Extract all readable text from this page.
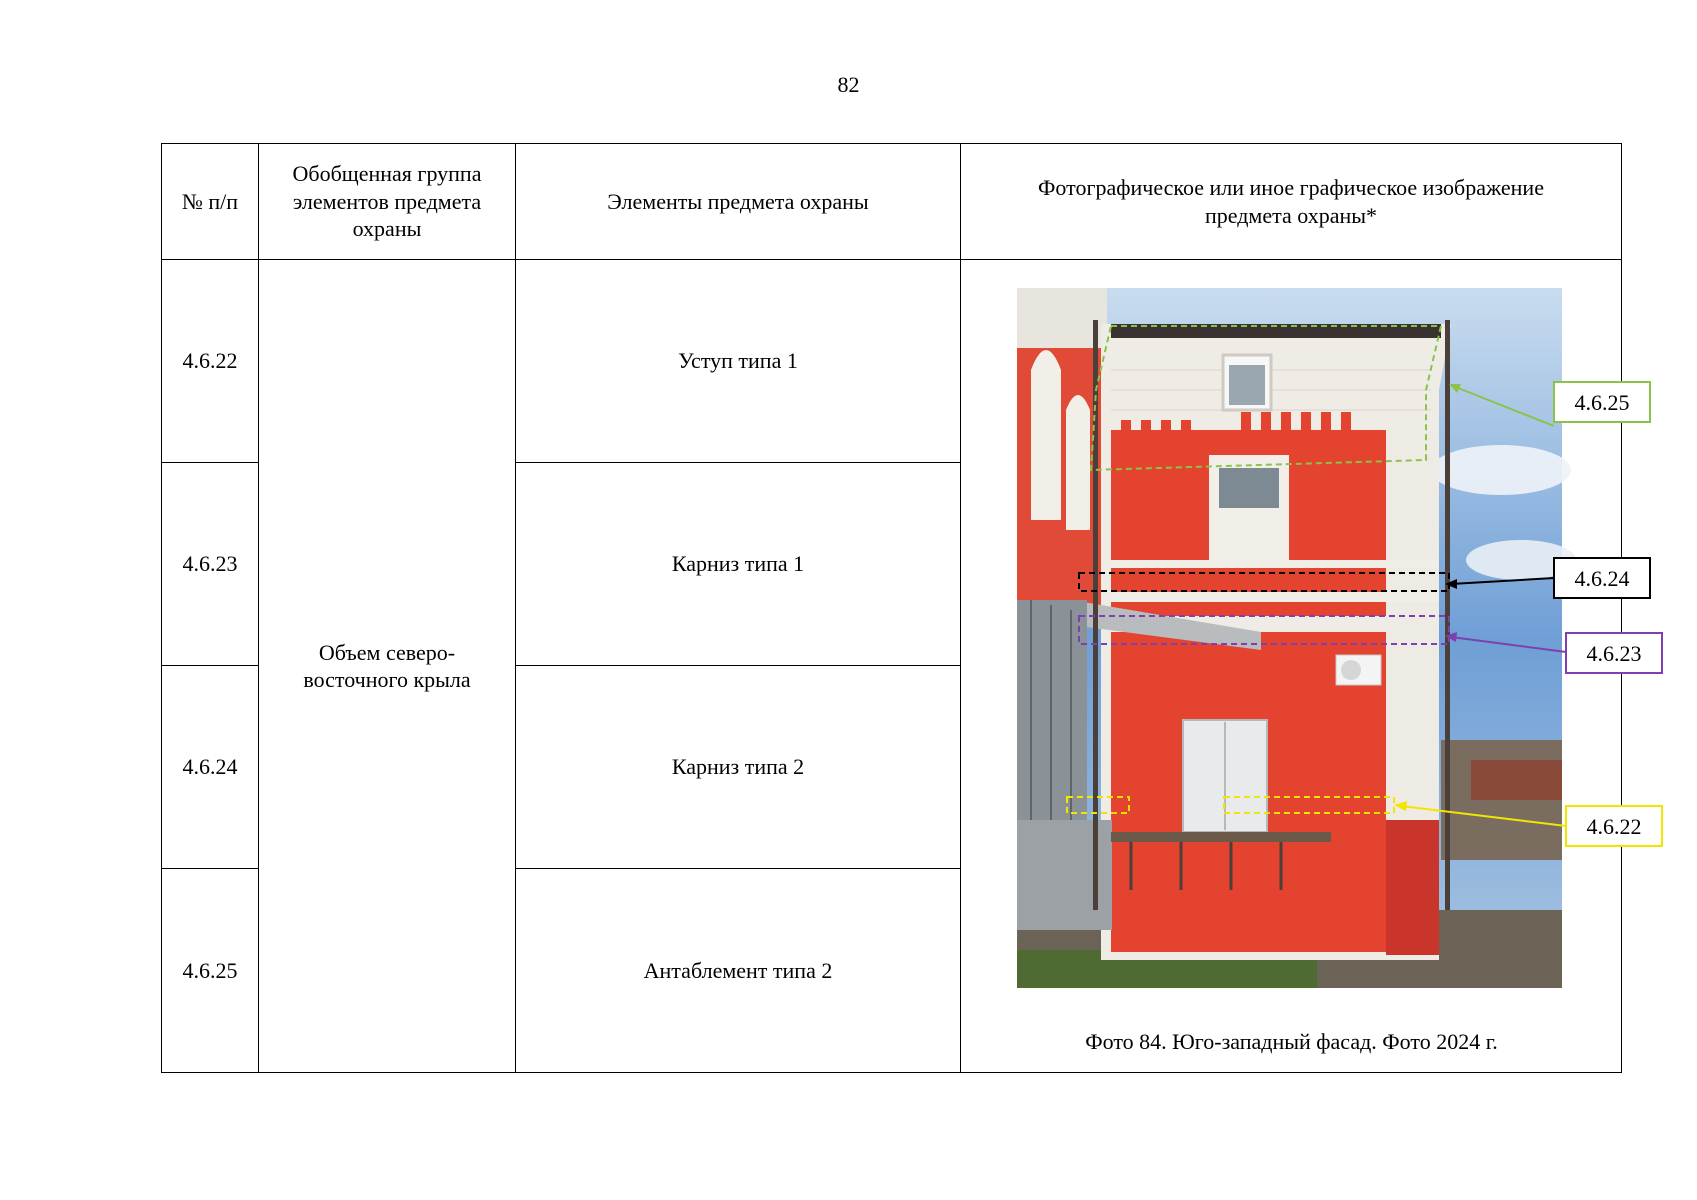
82
№ п/п	Обобщенная группа элементов предмета охраны	Элементы предмета охраны	Фотографическое или иное графическое изображение предмета охраны*
4.6.22	Объем северо-восточного крыла	Уступ типа 1	4.6.25
4.6.24
4.6.23
4.6.22
Фото 84. Юго-западный фасад. Фото 2024 г.

4.6.23		Карниз типа 1	
4.6.24		Карниз типа 2	
4.6.25		Антаблемент типа 2	
